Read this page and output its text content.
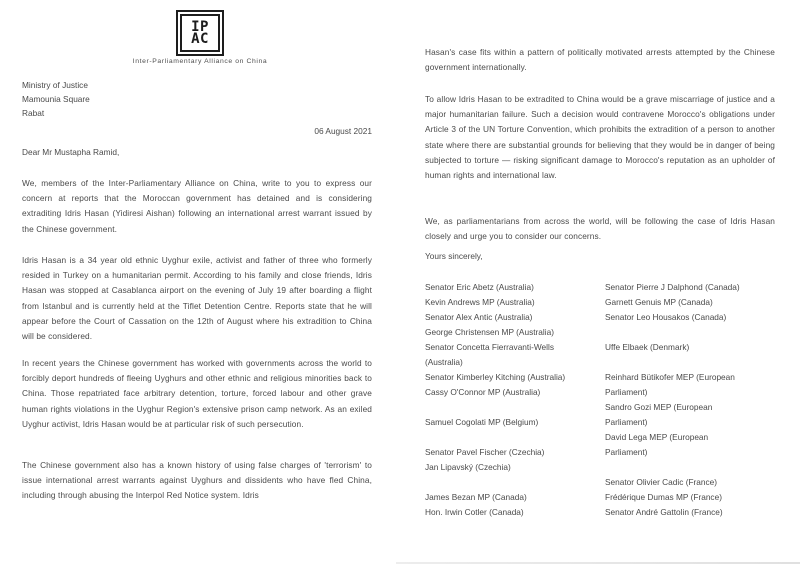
IP
AC
Inter-Parliamentary Alliance on China
Ministry of Justice
Mamounia Square
Rabat
06 August 2021
Dear Mr Mustapha Ramid,
We, members of the Inter-Parliamentary Alliance on China, write to you to express our concern at reports that the Moroccan government has detained and is considering extraditing Idris Hasan (Yidiresi Aishan) following an international arrest warrant issued by the Chinese government.
Idris Hasan is a 34 year old ethnic Uyghur exile, activist and father of three who formerly resided in Turkey on a humanitarian permit. According to his family and close friends, Idris Hasan was stopped at Casablanca airport on the evening of July 19 after boarding a flight from Istanbul and is currently held at the Tiflet Detention Centre. Reports state that he will appear before the Court of Cassation on the 12th of August where his extradition to China will be considered.
In recent years the Chinese government has worked with governments across the world to forcibly deport hundreds of fleeing Uyghurs and other ethnic and religious minorities back to China. Those repatriated face arbitrary detention, torture, forced labour and other grave human rights violations in the Uyghur Region's extensive prison camp network. As an exiled Uyghur activist, Idris Hasan would be at particular risk of such persecution.
The Chinese government also has a known history of using false charges of 'terrorism' to issue international arrest warrants against Uyghurs and dissidents who have fled China, including through abusing the Interpol Red Notice system. Idris
Hasan's case fits within a pattern of politically motivated arrests attempted by the Chinese government internationally.
To allow Idris Hasan to be extradited to China would be a grave miscarriage of justice and a major humanitarian failure. Such a decision would contravene Morocco's obligations under Article 3 of the UN Torture Convention, which prohibits the extradition of a person to another state where there are substantial grounds for believing that they would be in danger of being subjected to torture — risking significant damage to Morocco's reputation as an upholder of human rights and international law.
We, as parliamentarians from across the world, will be following the case of Idris Hasan closely and urge you to consider our concerns.
Yours sincerely,
Senator Eric Abetz (Australia)
Kevin Andrews MP (Australia)
Senator Alex Antic (Australia)
George Christensen MP (Australia)
Senator Concetta Fierravanti-Wells
(Australia)
Senator Kimberley Kitching (Australia)
Cassy O'Connor MP (Australia)

Samuel Cogolati MP (Belgium)

Senator Pavel Fischer (Czechia)
Jan Lipavský (Czechia)

James Bezan MP (Canada)
Hon. Irwin Cotler (Canada)
Senator Pierre J Dalphond (Canada)
Garnett Genuis MP (Canada)
Senator Leo Housakos (Canada)

Uffe Elbaek (Denmark)

Reinhard Bütikofer MEP (European
Parliament)
Sandro Gozi MEP (European
Parliament)
David Lega MEP (European
Parliament)

Senator Olivier Cadic (France)
Frédérique Dumas MP (France)
Senator André Gattolin (France)
